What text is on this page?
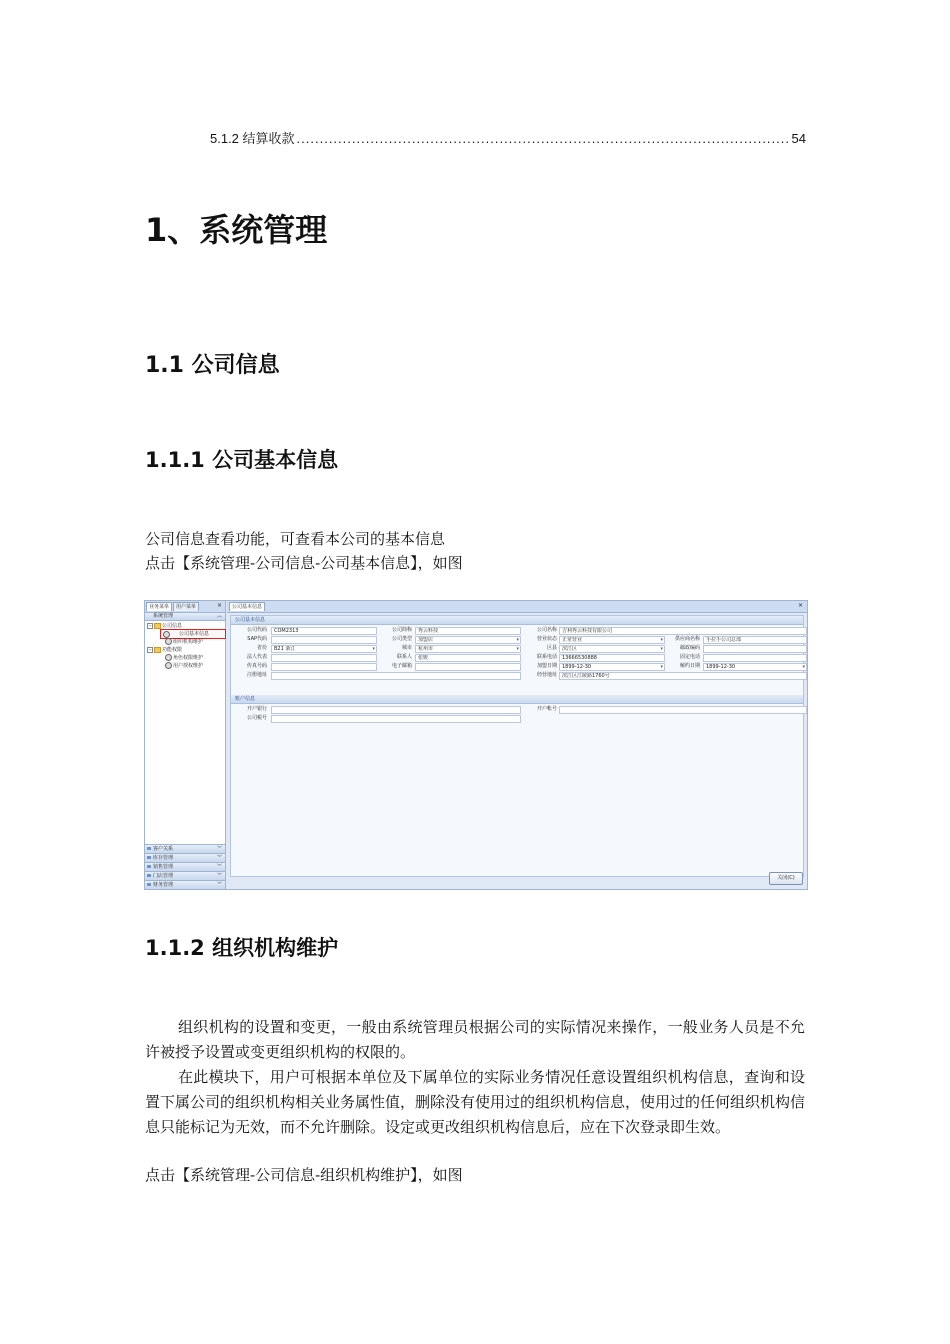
5.1.2 结算收款
.....	54
1、系统管理
1.1 公司信息
1.1.1 公司基本信息

公司信息查看功能，可查看本公司的基本信息

点击【系统管理-公司信息-公司基本信息】，如图

业务菜单	用户菜单	×
系统管理	︽
− 公司信息
公司基本信息
组织机构维护
− 功能权限
角色权限维护
用户授权维护
客户关系	︾
库存管理	︾
销售管理	︾
门店管理	︾
财务管理	︾
公司基本信息	×
公司基本信息
公司代码	COM2313	公司简称	秀云科技	公司名称	吉利秀云科技有限公司
SAP代码	公司类型	加盟店 ▾	营业状态	正常营业 ▾	供应商名称	手拉手公司总部
省份	B21 浙江 ▾	城市	杭州市 ▾	区县	滨江区 ▾	邮政编码
法人代表	联系人	张媛	联系电话	13666530888	固定电话
传真号码	电子邮箱	加盟日期	1899-12-30 ▾	解约日期	1899-12-30 ▾
注册地址	经营地址	滨江区江陵路1760号
账户信息
开户银行	开户帐号
公司税号
关闭(C)
1.1.2 组织机构维护

组织机构的设置和变更，一般由系统管理员根据公司的实际情况来操作，一般业务人员是不允许被授予设置或变更组织机构的权限的。

在此模块下，用户可根据本单位及下属单位的实际业务情况任意设置组织机构信息，查询和设置下属公司的组织机构相关业务属性值，删除没有使用过的组织机构信息，使用过的任何组织机构信息只能标记为无效，而不允许删除。设定或更改组织机构信息后，应在下次登录即生效。

点击【系统管理-公司信息-组织机构维护】，如图
